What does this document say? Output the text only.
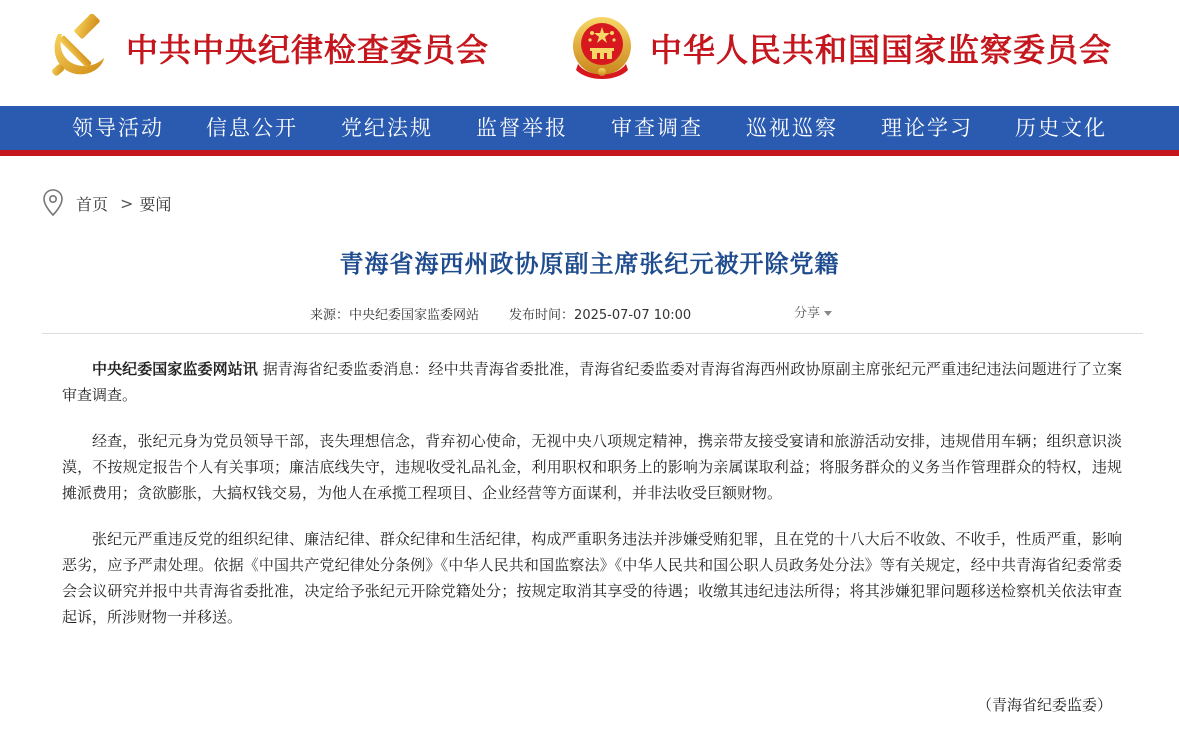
中共中央纪律检查委员会	中华人民共和国国家监察委员会
领导活动 信息公开 党纪法规 监督举报 审查调查 巡视巡察 理论学习 历史文化
首页 > 要闻
青海省海西州政协原副主席张纪元被开除党籍
来源：中央纪委国家监委网站 发布时间：2025-07-07 10:00	分享

中央纪委国家监委网站讯 据青海省纪委监委消息：经中共青海省委批准，青海省纪委监委对青海省海西州政协原副主席张纪元严重违纪违法问题进行了立案审查调查。

经查，张纪元身为党员领导干部，丧失理想信念，背弃初心使命，无视中央八项规定精神，携亲带友接受宴请和旅游活动安排，违规借用车辆；组织意识淡漠，不按规定报告个人有关事项；廉洁底线失守，违规收受礼品礼金，利用职权和职务上的影响为亲属谋取利益；将服务群众的义务当作管理群众的特权，违规摊派费用；贪欲膨胀，大搞权钱交易，为他人在承揽工程项目、企业经营等方面谋利，并非法收受巨额财物。

张纪元严重违反党的组织纪律、廉洁纪律、群众纪律和生活纪律，构成严重职务违法并涉嫌受贿犯罪，且在党的十八大后不收敛、不收手，性质严重，影响恶劣，应予严肃处理。依据《中国共产党纪律处分条例》《中华人民共和国监察法》《中华人民共和国公职人员政务处分法》等有关规定，经中共青海省纪委常委会会议研究并报中共青海省委批准，决定给予张纪元开除党籍处分；按规定取消其享受的待遇；收缴其违纪违法所得；将其涉嫌犯罪问题移送检察机关依法审查起诉，所涉财物一并移送。

（青海省纪委监委）
